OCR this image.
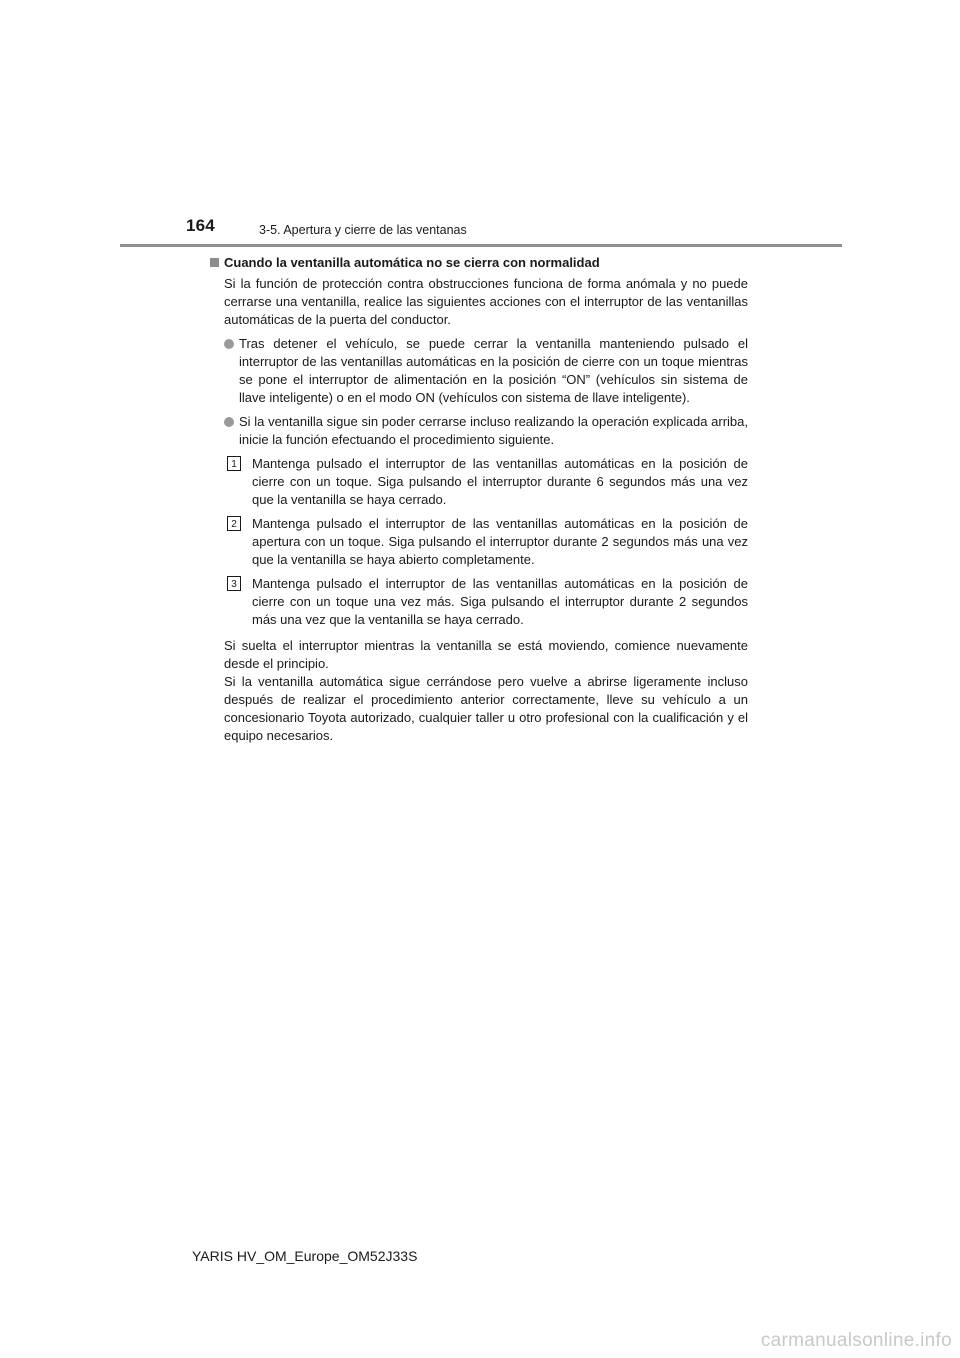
164	3-5. Apertura y cierre de las ventanas
Cuando la ventanilla automática no se cierra con normalidad
Si la función de protección contra obstrucciones funciona de forma anómala y no puede cerrarse una ventanilla, realice las siguientes acciones con el interruptor de las ventanillas automáticas de la puerta del conductor.
Tras detener el vehículo, se puede cerrar la ventanilla manteniendo pulsado el interruptor de las ventanillas automáticas en la posición de cierre con un toque mientras se pone el interruptor de alimentación en la posición “ON” (vehículos sin sistema de llave inteligente) o en el modo ON (vehículos con sistema de llave inteligente).
Si la ventanilla sigue sin poder cerrarse incluso realizando la operación explicada arriba, inicie la función efectuando el procedimiento siguiente.
1	Mantenga pulsado el interruptor de las ventanillas automáticas en la posición de cierre con un toque. Siga pulsando el interruptor durante 6 segundos más una vez que la ventanilla se haya cerrado.
2	Mantenga pulsado el interruptor de las ventanillas automáticas en la posición de apertura con un toque. Siga pulsando el interruptor durante 2 segundos más una vez que la ventanilla se haya abierto completamente.
3	Mantenga pulsado el interruptor de las ventanillas automáticas en la posición de cierre con un toque una vez más. Siga pulsando el interruptor durante 2 segundos más una vez que la ventanilla se haya cerrado.

Si suelta el interruptor mientras la ventanilla se está moviendo, comience nuevamente desde el principio.

Si la ventanilla automática sigue cerrándose pero vuelve a abrirse ligeramente incluso después de realizar el procedimiento anterior correctamente, lleve su vehículo a un concesionario Toyota autorizado, cualquier taller u otro profesional con la cualificación y el equipo necesarios.

YARIS HV_OM_Europe_OM52J33S
carmanualsonline.info
